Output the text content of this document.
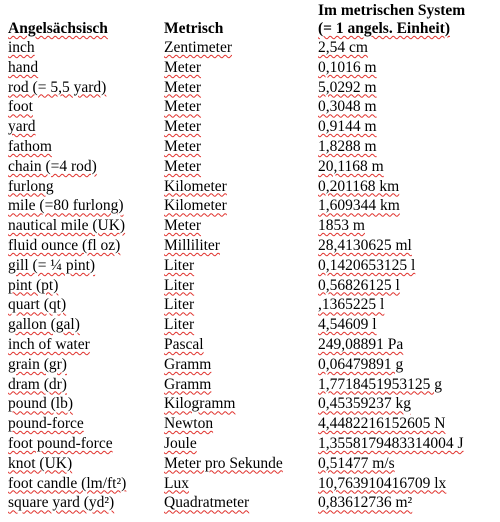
Angelsächsisch	Metrisch	Im metrischen System
(= 1 angels. Einheit)

inch	Zentimeter	2,54 cm
hand	Meter	0,1016 m
rod (= 5,5 yard)	Meter	5,0292 m
foot	Meter	0,3048 m
yard	Meter	0,9144 m
fathom	Meter	1,8288 m
chain (=4 rod)	Meter	20,1168 m
furlong	Kilometer	0,201168 km
mile (=80 furlong)	Kilometer	1,609344 km
nautical mile (UK)	Meter	1853 m
fluid ounce (fl oz)	Milliliter	28,4130625 ml
gill (= ¼ pint)	Liter	0,1420653125 l
pint (pt)	Liter	0,56826125 l
quart (qt)	Liter	,1365225 l
gallon (gal)	Liter	4,54609 l
inch of water	Pascal	249,08891 Pa
grain (gr)	Gramm	0,06479891 g
dram (dr)	Gramm	1,7718451953125 g
pound (lb)	Kilogramm	0,45359237 kg
pound-force	Newton	4,4482216152605 N
foot pound-force	Joule	1,3558179483314004 J
knot (UK)	Meter pro Sekunde	0,51477 m/s
foot candle (lm/ft²)	Lux	10,763910416709 lx
square yard (yd²)	Quadratmeter	0,83612736 m²
